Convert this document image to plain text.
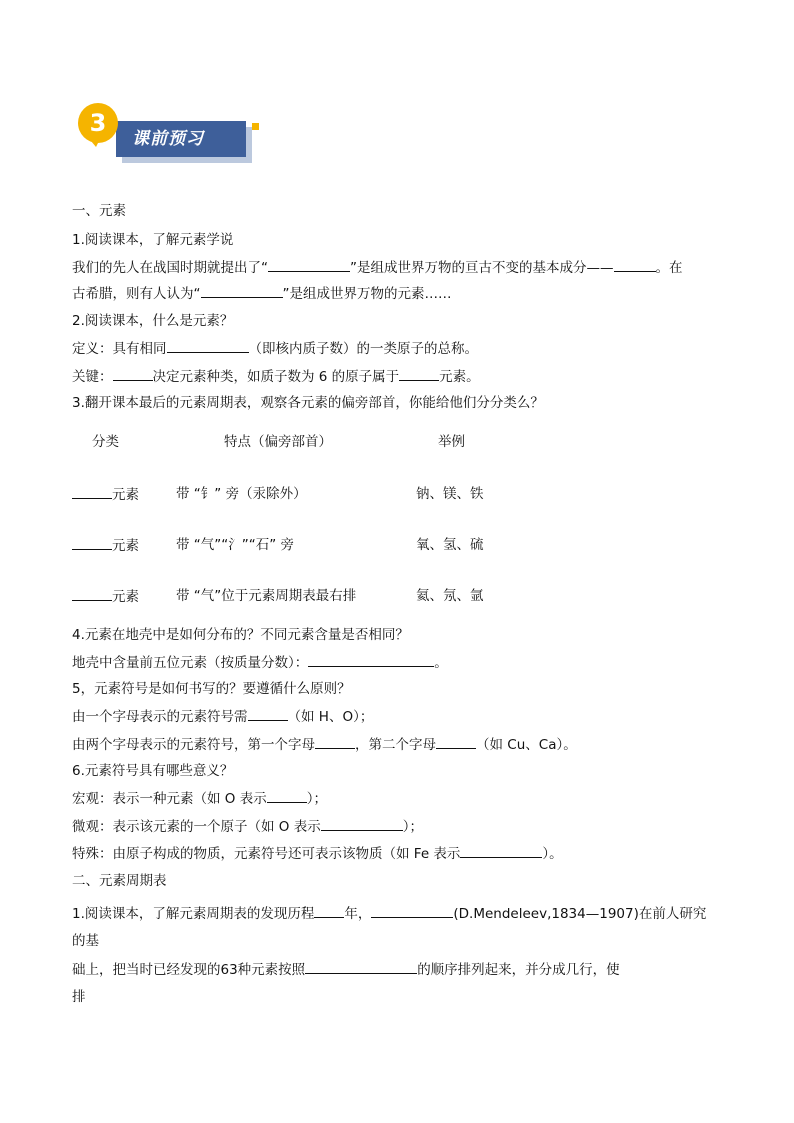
课前预习
3
一、元素
1.阅读课本，了解元素学说
我们的先人在战国时期就提出了“	”是组成世界万物的亘古不变的基本成分——	。在
古希腊，则有人认为“	”是组成世界万物的元素……
2.阅读课本，什么是元素？
定义：具有相同	（即核内质子数）的一类原子的总称。
关键：	决定元素种类，如质子数为 6 的原子属于	元素。
3.翻开课本最后的元素周期表，观察各元素的偏旁部首，你能给他们分分类么？
分类	特点（偏旁部首）	举例
元素	带 “钅” 旁（汞除外）	钠、镁、铁
元素	带 “气”“氵”“石” 旁	氧、氢、硫
元素	带 “气”位于元素周期表最右排	氦、氖、氩
4.元素在地壳中是如何分布的？不同元素含量是否相同？
地壳中含量前五位元素（按质量分数）：	。
5，元素符号是如何书写的？要遵循什么原则？
由一个字母表示的元素符号需	（如 H、O）；
由两个字母表示的元素符号，第一个字母	，第二个字母	（如 Cu、Ca）。
6.元素符号具有哪些意义？
宏观：表示一种元素（如 O 表示	）；
微观：表示该元素的一个原子（如 O 表示	）；
特殊：由原子构成的物质，元素符号还可表示该物质（如 Fe 表示	）。
二、元素周期表
1.阅读课本，了解元素周期表的发现历程 年，	(D.Mendeleev,1834—1907)在前人研究
的基
础上，把当时已经发现的63种元素按照	的顺序排列起来，并分成几行，使
排
